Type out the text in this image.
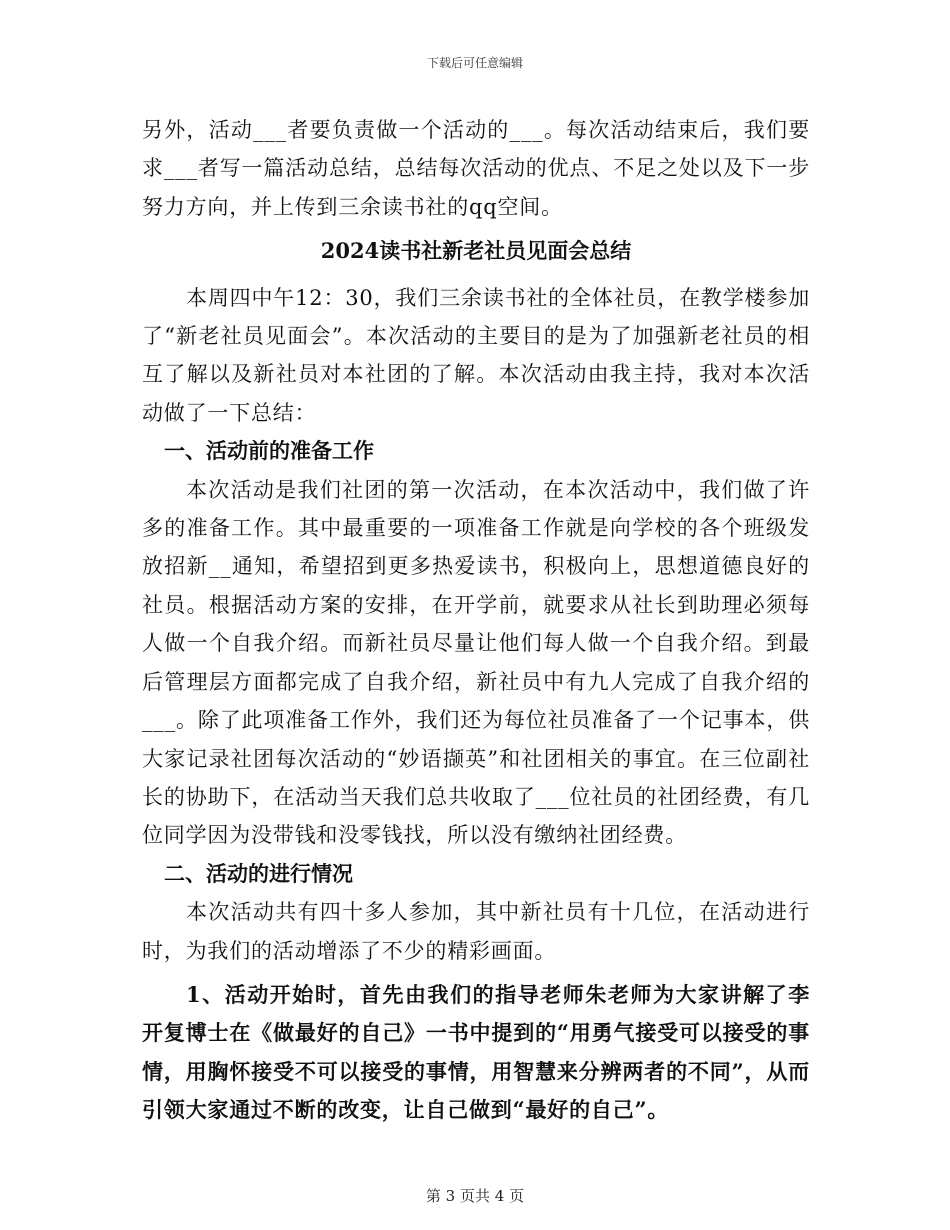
下载后可任意编辑

另外，活动___者要负责做一个活动的___。每次活动结束后，我们要求___者写一篇活动总结，总结每次活动的优点、不足之处以及下一步努力方向，并上传到三余读书社的qq空间。

2024读书社新老社员见面会总结

本周四中午12：30，我们三余读书社的全体社员，在教学楼参加了“新老社员见面会”。本次活动的主要目的是为了加强新老社员的相互了解以及新社员对本社团的了解。本次活动由我主持，我对本次活动做了一下总结：

一、活动前的准备工作

本次活动是我们社团的第一次活动，在本次活动中，我们做了许多的准备工作。其中最重要的一项准备工作就是向学校的各个班级发放招新__通知，希望招到更多热爱读书，积极向上，思想道德良好的社员。根据活动方案的安排，在开学前，就要求从社长到助理必须每人做一个自我介绍。而新社员尽量让他们每人做一个自我介绍。到最后管理层方面都完成了自我介绍，新社员中有九人完成了自我介绍的___。除了此项准备工作外，我们还为每位社员准备了一个记事本，供大家记录社团每次活动的“妙语撷英”和社团相关的事宜。在三位副社长的协助下，在活动当天我们总共收取了___位社员的社团经费，有几位同学因为没带钱和没零钱找，所以没有缴纳社团经费。

二、活动的进行情况

本次活动共有四十多人参加，其中新社员有十几位，在活动进行时，为我们的活动增添了不少的精彩画面。

1、活动开始时，首先由我们的指导老师朱老师为大家讲解了李开复博士在《做最好的自己》一书中提到的“用勇气接受可以接受的事情，用胸怀接受不可以接受的事情，用智慧来分辨两者的不同”，从而引领大家通过不断的改变，让自己做到“最好的自己”。

第 3 页共 4 页
